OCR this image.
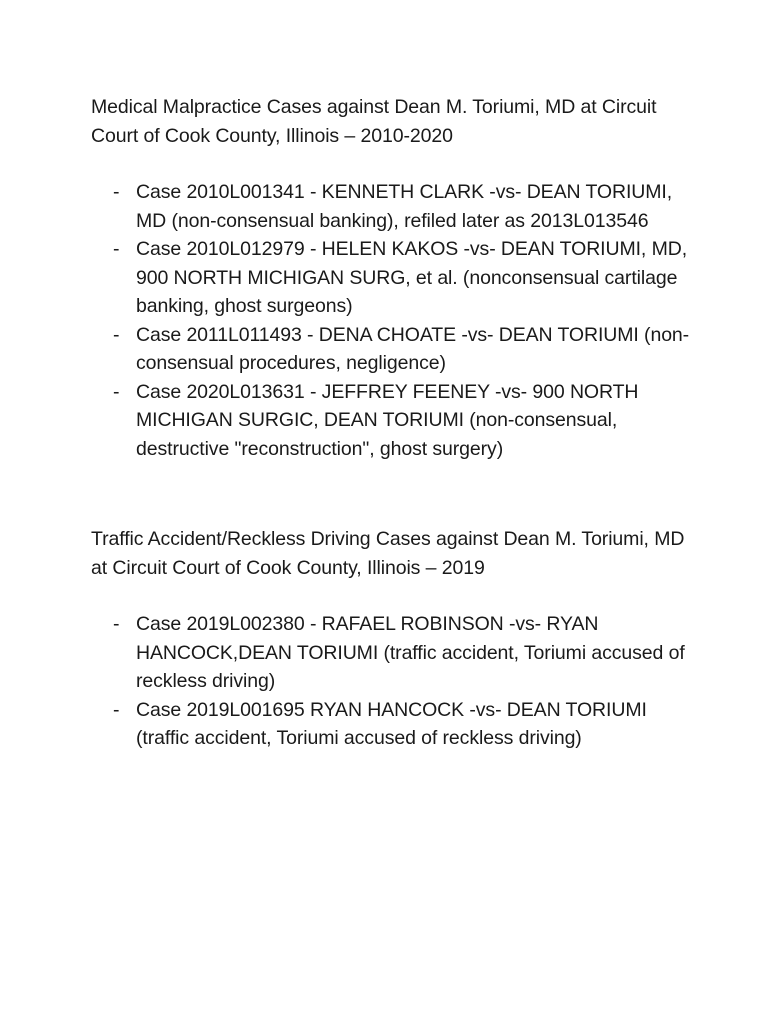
Medical Malpractice Cases against Dean M. Toriumi, MD at Circuit Court of Cook County, Illinois – 2010-2020

- Case 2010L001341 - KENNETH CLARK -vs- DEAN TORIUMI, MD (non-consensual banking), refiled later as 2013L013546
- Case 2010L012979 - HELEN KAKOS -vs- DEAN TORIUMI, MD, 900 NORTH MICHIGAN SURG, et al. (nonconsensual cartilage banking, ghost surgeons)
- Case 2011L011493 - DENA CHOATE -vs- DEAN TORIUMI (non-consensual procedures, negligence)
- Case 2020L013631 - JEFFREY FEENEY -vs- 900 NORTH MICHIGAN SURGIC, DEAN TORIUMI (non-consensual, destructive "reconstruction", ghost surgery)

Traffic Accident/Reckless Driving Cases against Dean M. Toriumi, MD at Circuit Court of Cook County, Illinois – 2019

- Case 2019L002380 - RAFAEL ROBINSON -vs- RYAN HANCOCK,DEAN TORIUMI (traffic accident, Toriumi accused of reckless driving)
- Case 2019L001695 RYAN HANCOCK -vs- DEAN TORIUMI (traffic accident, Toriumi accused of reckless driving)
